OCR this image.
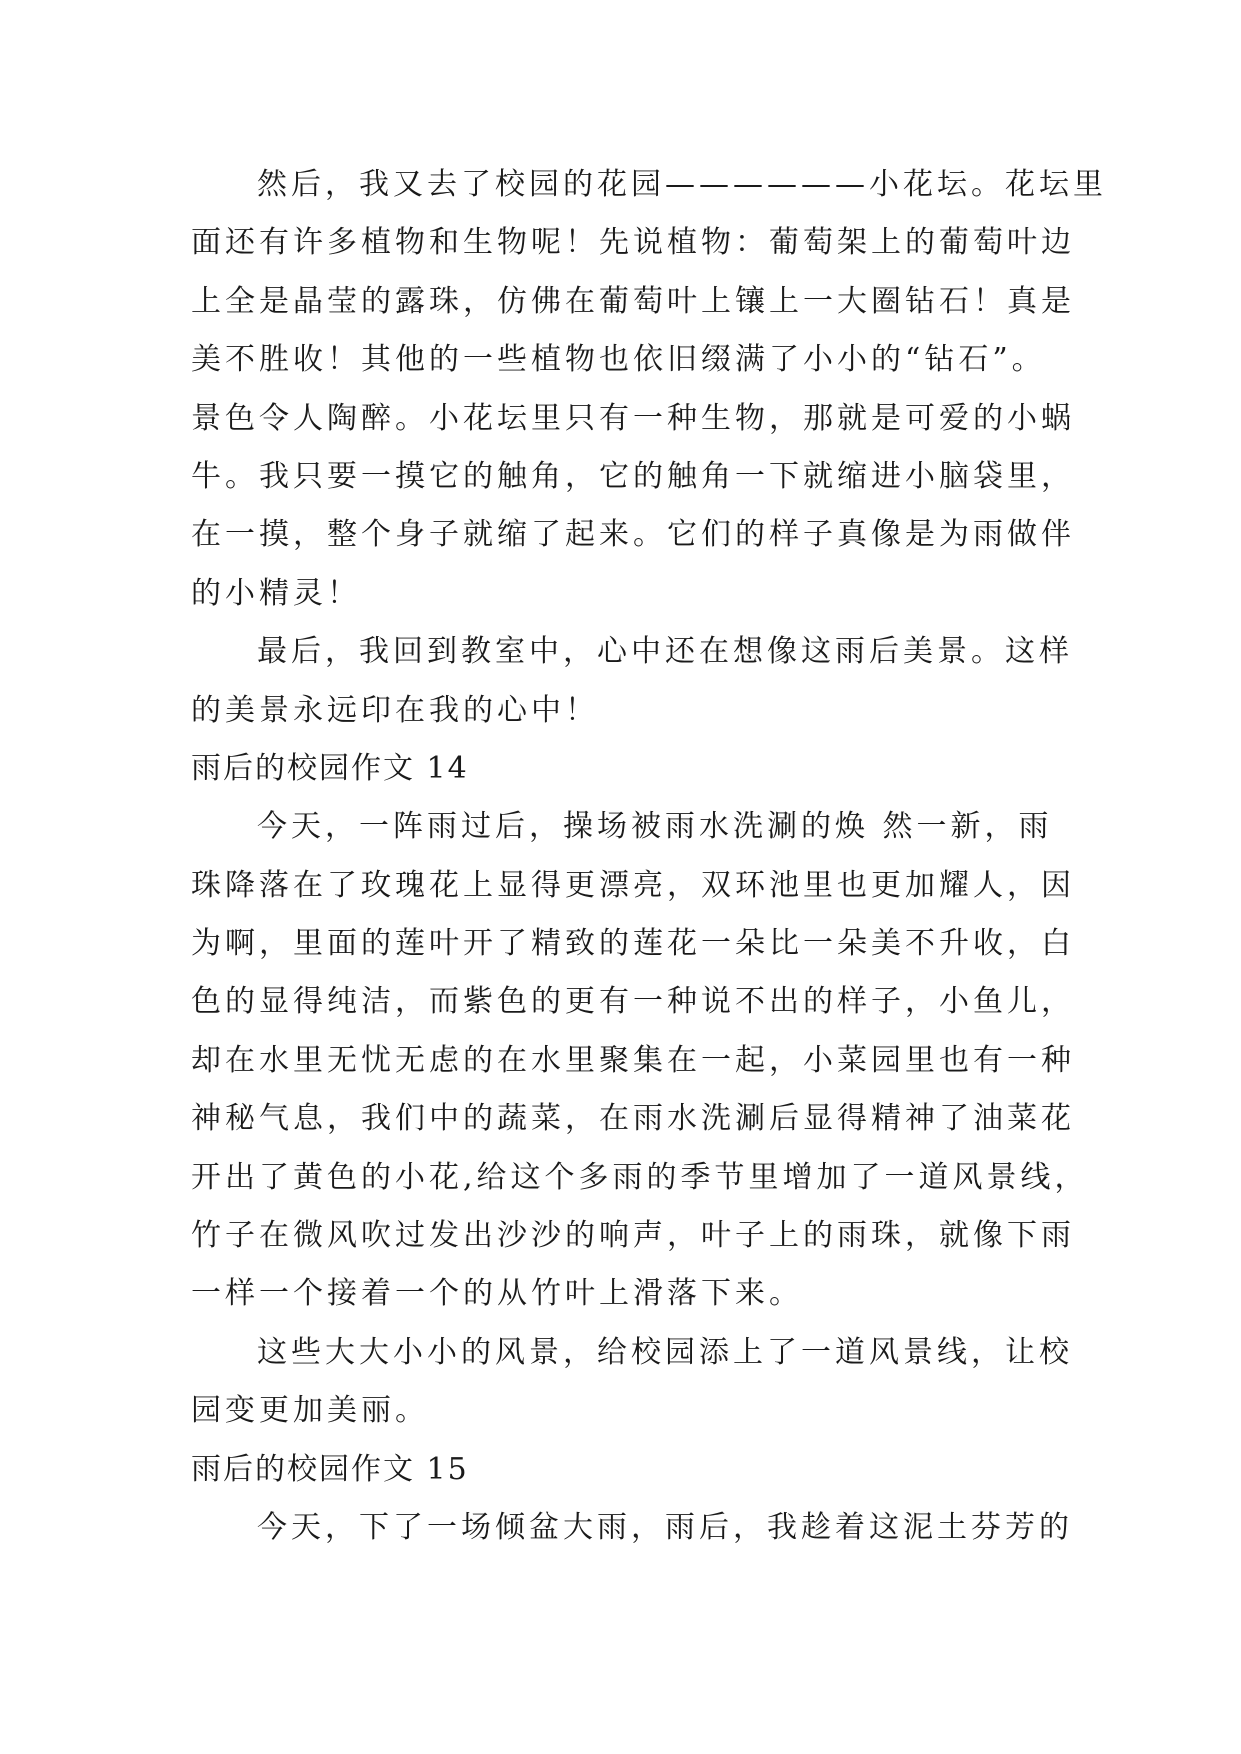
然后，我又去了校园的花园——————小花坛。花坛里
面还有许多植物和生物呢！先说植物：葡萄架上的葡萄叶边
上全是晶莹的露珠，仿佛在葡萄叶上镶上一大圈钻石！真是
美不胜收！其他的一些植物也依旧缀满了小小的“钻石”。
景色令人陶醉。小花坛里只有一种生物，那就是可爱的小蜗
牛。我只要一摸它的触角，它的触角一下就缩进小脑袋里，
在一摸，整个身子就缩了起来。它们的样子真像是为雨做伴
的小精灵！
最后，我回到教室中，心中还在想像这雨后美景。这样
的美景永远印在我的心中！
雨后的校园作文 14
今天，一阵雨过后，操场被雨水洗涮的焕 然一新，雨
珠降落在了玫瑰花上显得更漂亮，双环池里也更加耀人，因
为啊，里面的莲叶开了精致的莲花一朵比一朵美不升收，白
色的显得纯洁，而紫色的更有一种说不出的样子，小鱼儿，
却在水里无忧无虑的在水里聚集在一起，小菜园里也有一种
神秘气息，我们中的蔬菜，在雨水洗涮后显得精神了油菜花
开出了黄色的小花,给这个多雨的季节里增加了一道风景线，
竹子在微风吹过发出沙沙的响声，叶子上的雨珠，就像下雨
一样一个接着一个的从竹叶上滑落下来。
这些大大小小的风景，给校园添上了一道风景线，让校
园变更加美丽。
雨后的校园作文 15
今天，下了一场倾盆大雨，雨后，我趁着这泥土芬芳的
